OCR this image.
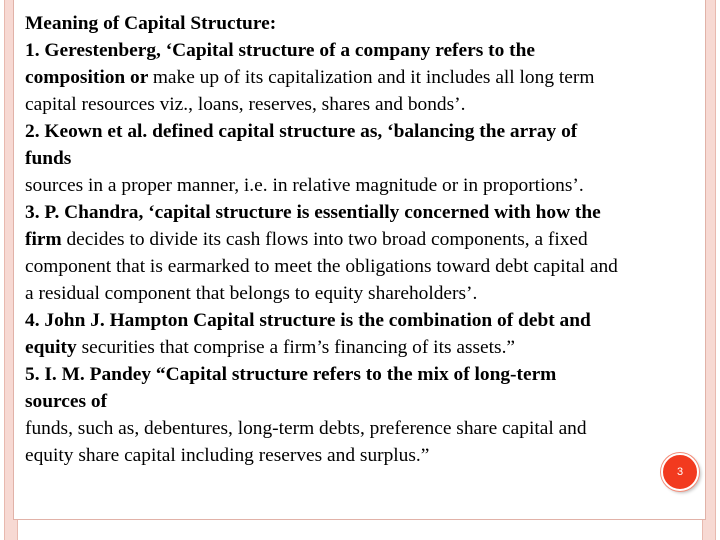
Meaning of Capital Structure:
1. Gerestenberg, ‘Capital structure of a company refers to the
composition or make up of its capitalization and it includes all long term
capital resources viz., loans, reserves, shares and bonds’.
2. Keown et al. defined capital structure as, ‘balancing the array of
funds
sources in a proper manner, i.e. in relative magnitude or in proportions’.
3. P. Chandra, ‘capital structure is essentially concerned with how the
firm decides to divide its cash flows into two broad components, a fixed
component that is earmarked to meet the obligations toward debt capital and
a residual component that belongs to equity shareholders’.
4. John J. Hampton Capital structure is the combination of debt and
equity securities that comprise a firm’s financing of its assets.”
5. I. M. Pandey “Capital structure refers to the mix of long-term
sources of
funds, such as, debentures, long-term debts, preference share capital and
equity share capital including reserves and surplus.”
3
